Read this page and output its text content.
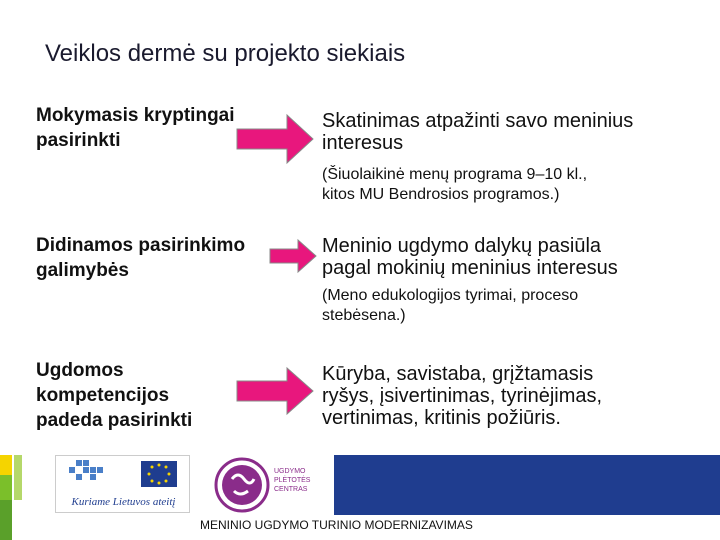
Veiklos dermė su projekto siekiais
Mokymasis kryptingai
pasirinkti
Skatinimas atpažinti savo meninius
interesus
(Šiuolaikinė menų programa 9–10 kl.,
kitos MU Bendrosios programos.)
Didinamos pasirinkimo
galimybės
Meninio ugdymo dalykų pasiūla
pagal mokinių meninius interesus
(Meno edukologijos tyrimai, proceso
stebėsena.)
Ugdomos
kompetencijos
padeda pasirinkti
Kūryba, savistaba, grįžtamasis
ryšys, įsivertinimas, tyrinėjimas,
vertinimas, kritinis požiūris.
Kuriame Lietuvos ateitį
UGDYMO
PLĖTOTĖS
CENTRAS
MENINIO UGDYMO TURINIO MODERNIZAVIMAS
